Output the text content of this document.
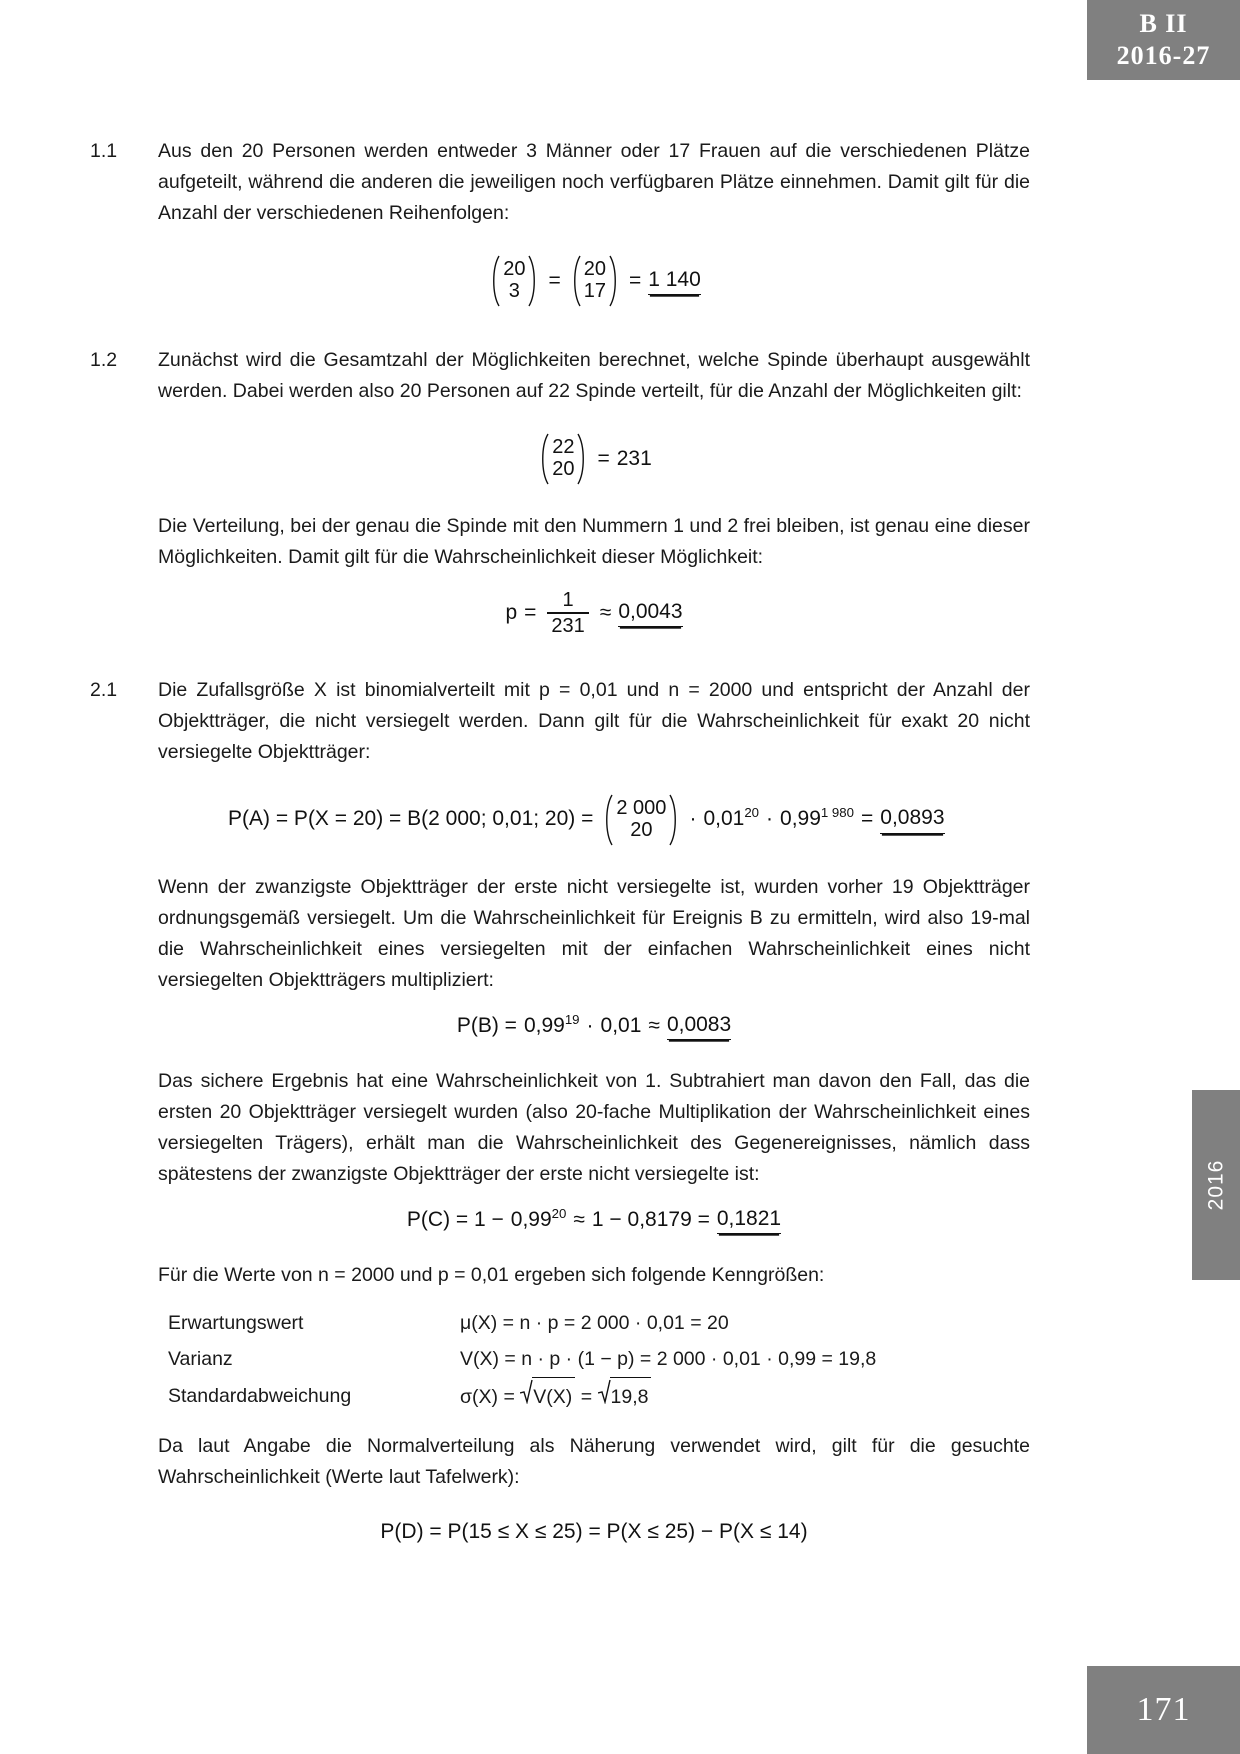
B II
2016-27
2016
171
1.1	Aus den 20 Personen werden entweder 3 Männer oder 17 Frauen auf die verschiedenen Plätze aufgeteilt, während die anderen die jeweiligen noch verfügbaren Plätze einnehmen. Damit gilt für die Anzahl der verschiedenen Reihenfolgen:

20
3 = 20
17 = 1 140
1.2	Zunächst wird die Gesamtzahl der Möglichkeiten berechnet, welche Spinde überhaupt ausgewählt werden. Dabei werden also 20 Personen auf 22 Spinde verteilt, für die Anzahl der Möglichkeiten gilt:

22
20 = 231

Die Verteilung, bei der genau die Spinde mit den Nummern 1 und 2 frei bleiben, ist genau eine dieser Möglichkeiten. Damit gilt für die Wahrscheinlichkeit dieser Möglichkeit:

$p = \frac{1}{231} \approx 0,0043$
2.1	Die Zufallsgröße X ist binomialverteilt mit p = 0,01 und n = 2000 und entspricht der Anzahl der Objektträger, die nicht versiegelt werden. Dann gilt für die Wahrscheinlichkeit für exakt 20 nicht versiegelte Objektträger:

P(A) = P(X = 20) = B(2 000; 0,01; 20) = 2 000
$20 \cdot 0,01^{20} \cdot 0,99^{1 980} = 0,0893$

Wenn der zwanzigste Objektträger der erste nicht versiegelte ist, wurden vorher 19 Objektträger ordnungsgemäß versiegelt. Um die Wahrscheinlichkeit für Ereignis B zu ermitteln, wird also 19-mal die Wahrscheinlichkeit eines versiegelten mit der einfachen Wahrscheinlichkeit eines nicht versiegelten Objektträgers multipliziert:

$P(B) = 0,99^{19} \cdot 0,01 \approx 0,0083$

Das sichere Ergebnis hat eine Wahrscheinlichkeit von 1. Subtrahiert man davon den Fall, das die ersten 20 Objektträger versiegelt wurden (also 20-fache Multiplikation der Wahrscheinlichkeit eines versiegelten Trägers), erhält man die Wahrscheinlichkeit des Gegenereignisses, nämlich dass spätestens der zwanzigste Objektträger der erste nicht versiegelte ist:

$P(C) = 1 - 0,99^{20} \approx 1 - 0,8179 = 0,1821$

Für die Werte von n = 2000 und p = 0,01 ergeben sich folgende Kenngrößen:

Erwartungswert	μ(X) = n · p = 2 000 · 0,01 = 20
Varianz	V(X) = n · p · (1 − p) = 2 000 · 0,01 · 0,99 = 19,8
Standardabweichung	σ(X) = V(X) = 19,8

Da laut Angabe die Normalverteilung als Näherung verwendet wird, gilt für die gesuchte Wahrscheinlichkeit (Werte laut Tafelwerk):

P(D) = P(15 ≤ X ≤ 25) = P(X ≤ 25) − P(X ≤ 14)
